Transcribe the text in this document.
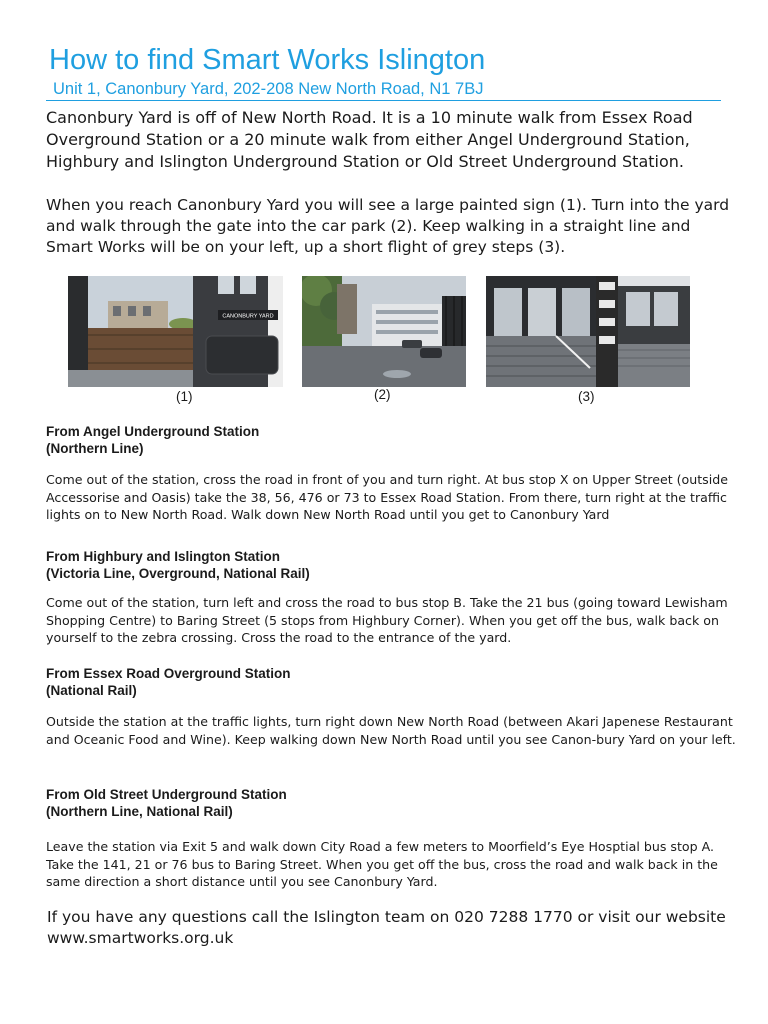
How to find Smart Works Islington
Unit 1, Canonbury Yard, 202-208 New North Road, N1 7BJ
Canonbury Yard is off of New North Road. It is a 10 minute walk from Essex Road Overground Station or a 20 minute walk from either Angel Underground Station, Highbury and Islington Underground Station or Old Street Underground Station.
When you reach Canonbury Yard you will see a large painted sign (1). Turn into the yard and walk through the gate into the car park (2). Keep walking in a straight line and Smart Works will be on your left, up a short flight of grey steps (3).
CANONBURY YARD
(1)	(2)	(3)
From Angel Underground Station
(Northern Line)
Come out of the station, cross the road in front of you and turn right. At bus stop X on Upper Street (outside Accessorise and Oasis) take the 38, 56, 476 or 73 to Essex Road Station. From there, turn right at the traffic lights on to New North Road. Walk down New North Road until you get to Canonbury Yard
From Highbury and Islington Station
(Victoria Line, Overground, National Rail)
Come out of the station, turn left and cross the road to bus stop B. Take the 21 bus (going toward Lewisham Shopping Centre) to Baring Street (5 stops from Highbury Corner). When you get off the bus, walk back on yourself to the zebra crossing. Cross the road to the entrance of the yard.
From Essex Road Overground Station
(National Rail)
Outside the station at the traffic lights, turn right down New North Road (between Akari Japenese Restaurant and Oceanic Food and Wine). Keep walking down New North Road until you see Canon-bury Yard on your left.
From Old Street Underground Station
(Northern Line, National Rail)
Leave the station via Exit 5 and walk down City Road a few meters to Moorfield’s Eye Hosptial bus stop A. Take the 141, 21 or 76 bus to Baring Street. When you get off the bus, cross the road and walk back in the same direction a short distance until you see Canonbury Yard.
If you have any questions call the Islington team on 020 7288 1770 or visit our website www.smartworks.org.uk
